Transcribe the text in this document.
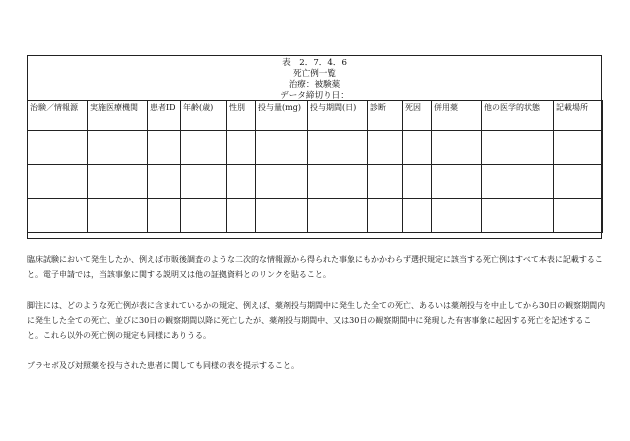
表　2．7．4．6
死亡例一覧
治療：被験薬
データ締切り日：
治験／情報源	実施医療機関	患者ID	年齢(歳)	性別	投与量(mg)	投与期間(日)	診断	死因	併用薬	他の医学的状態	記載場所

臨床試験において発生したか、例えば市販後調査のような二次的な情報源から得られた事象にもかかわらず選択規定に該当する死亡例はすべて本表に記載すること。電子申請では，当該事象に関する説明又は他の証拠資料とのリンクを貼ること。

脚注には、どのような死亡例が表に含まれているかの規定、例えば、薬剤投与期間中に発生した全ての死亡、あるいは薬剤投与を中止してから30日の観察期間内に発生した全ての死亡、並びに30日の観察期間以降に死亡したが、薬剤投与期間中、又は30日の観察期間中に発現した有害事象に起因する死亡を記述すること。これら以外の死亡例の規定も同様にありうる。

プラセボ及び対照薬を投与された患者に関しても同様の表を提示すること。
